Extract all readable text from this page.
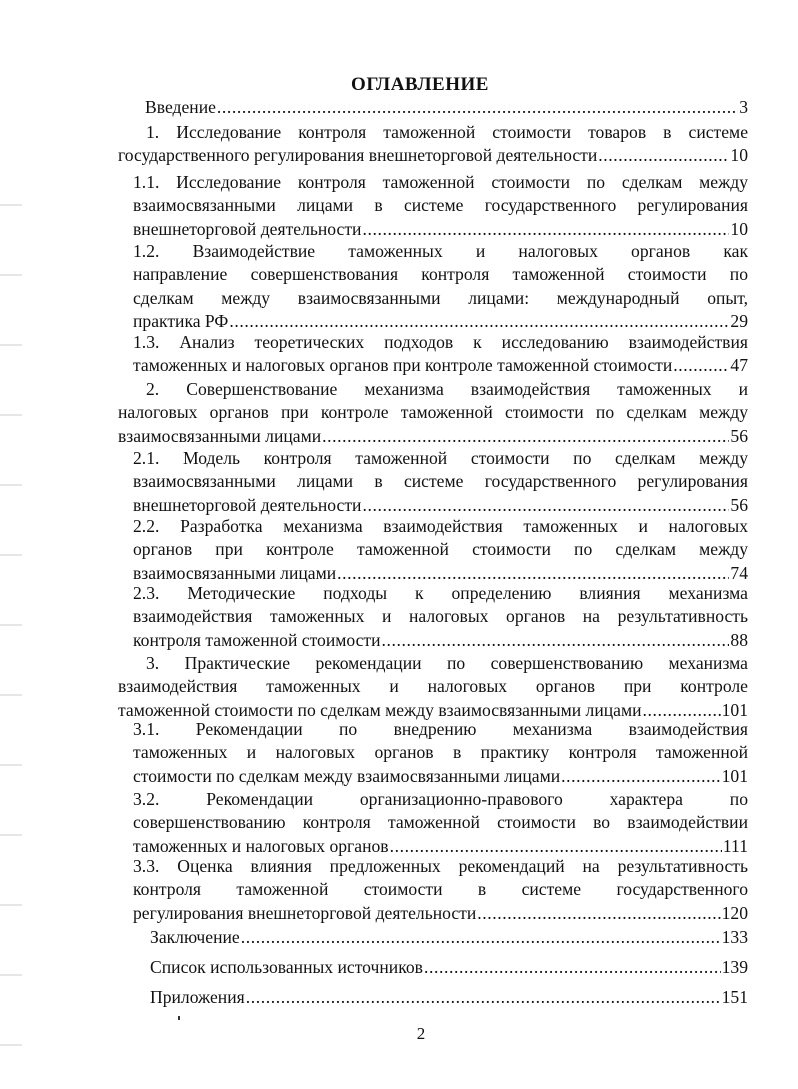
ОГЛАВЛЕНИЕ
Введение .....	3
1. Исследование контроля таможенной стоимости товаров в системе
государственного регулирования внешнеторговой деятельности .....	10
1.1. Исследование контроля таможенной стоимости по сделкам между
взаимосвязанными лицами в системе государственного регулирования
внешнеторговой деятельности .....	10
1.2. Взаимодействие таможенных и налоговых органов как
направление совершенствования контроля таможенной стоимости по
сделкам между взаимосвязанными лицами: международный опыт,
практика РФ .....	29
1.3. Анализ теоретических подходов к исследованию взаимодействия
таможенных и налоговых органов при контроле таможенной стоимости .....	47
2. Совершенствование механизма взаимодействия таможенных и
налоговых органов при контроле таможенной стоимости по сделкам между
взаимосвязанными лицами .....	56
2.1. Модель контроля таможенной стоимости по сделкам между
взаимосвязанными лицами в системе государственного регулирования
внешнеторговой деятельности .....	56
2.2. Разработка механизма взаимодействия таможенных и налоговых
органов при контроле таможенной стоимости по сделкам между
взаимосвязанными лицами .....	74
2.3. Методические подходы к определению влияния механизма
взаимодействия таможенных и налоговых органов на результативность
контроля таможенной стоимости .....	88
3. Практические рекомендации по совершенствованию механизма
взаимодействия таможенных и налоговых органов при контроле
таможенной стоимости по сделкам между взаимосвязанными лицами .....	101
3.1. Рекомендации по внедрению механизма взаимодействия
таможенных и налоговых органов в практику контроля таможенной
стоимости по сделкам между взаимосвязанными лицами .....	101
3.2. Рекомендации организационно-правового характера по
совершенствованию контроля таможенной стоимости во взаимодействии
таможенных и налоговых органов .....	111
3.3. Оценка влияния предложенных рекомендаций на результативность
контроля таможенной стоимости в системе государственного
регулирования внешнеторговой деятельности .....	120
Заключение .....	133
Список использованных источников .....	139
Приложения .....	151
2
